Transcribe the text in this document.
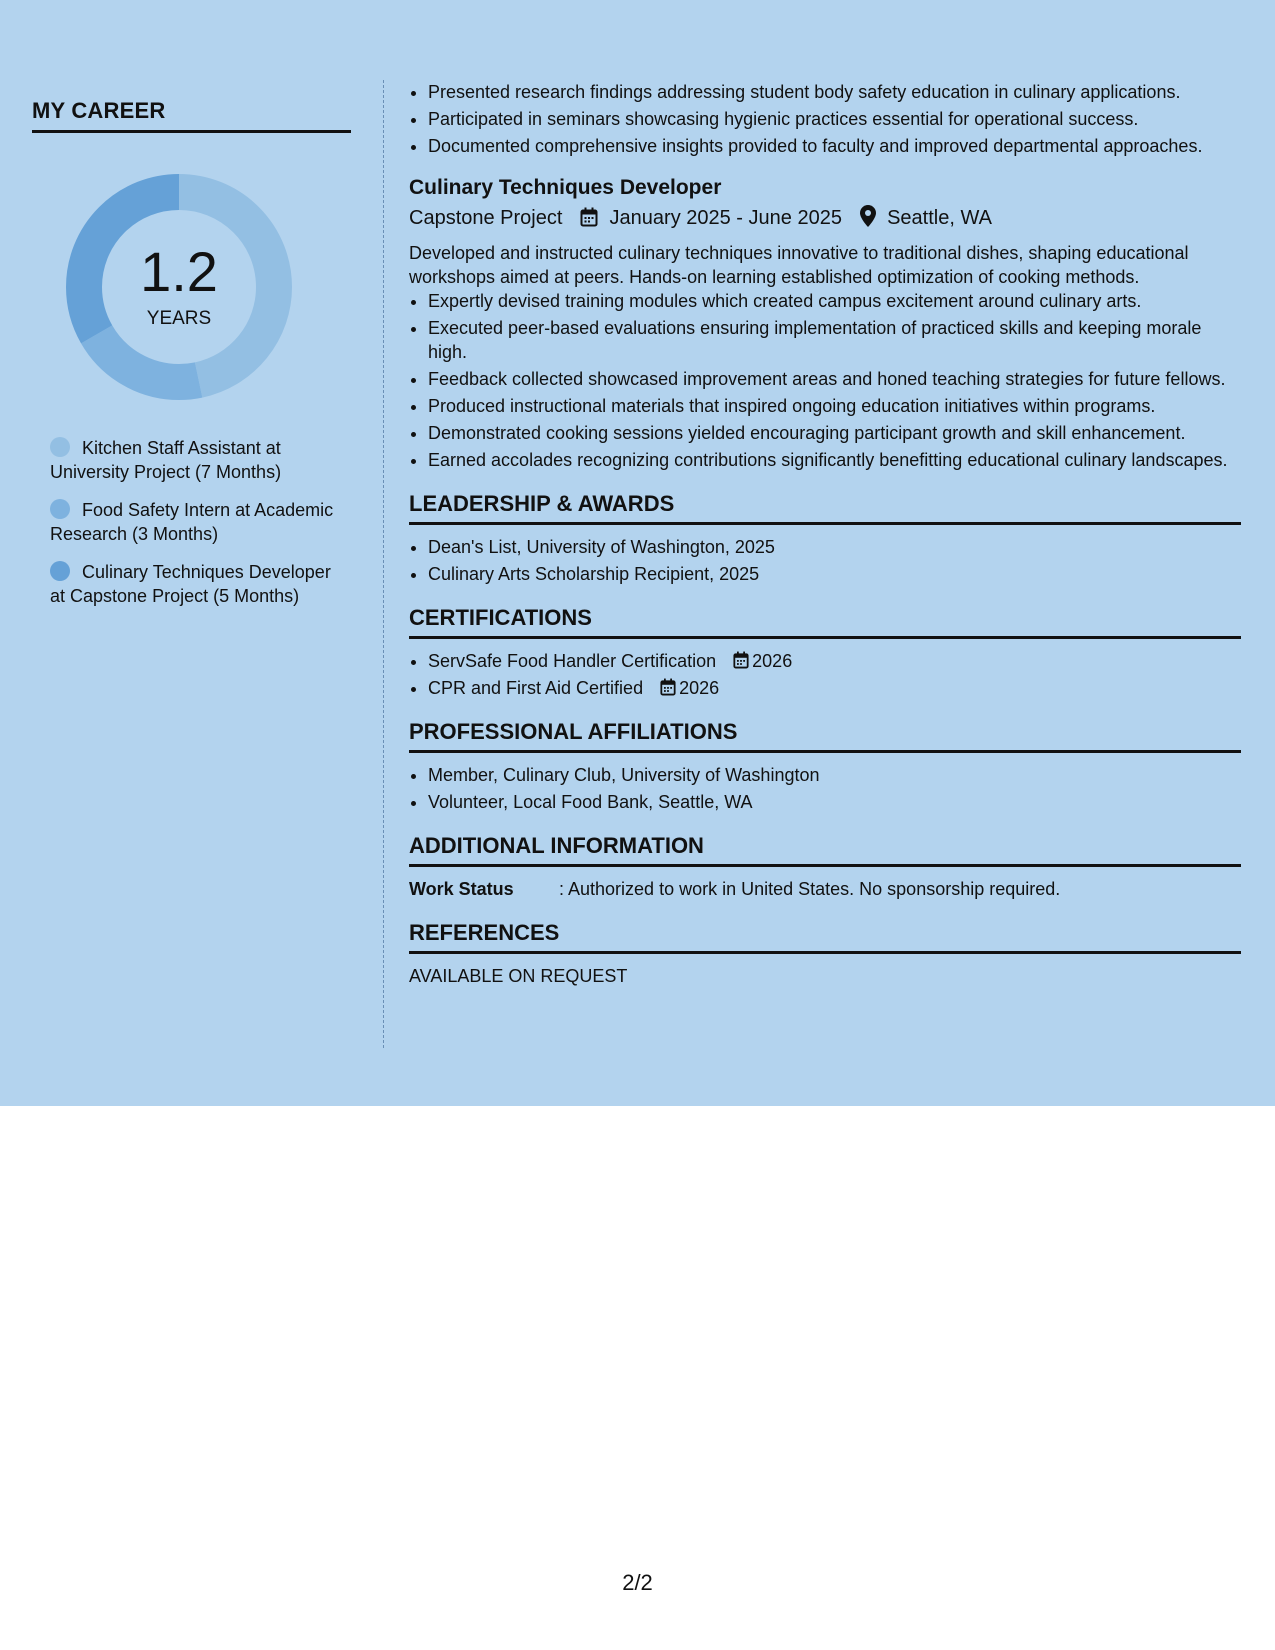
MY CAREER
1.2
YEARS
Kitchen Staff Assistant at University Project (7 Months)
Food Safety Intern at Academic Research (3 Months)
Culinary Techniques Developer at Capstone Project (5 Months)
• Presented research findings addressing student body safety education in culinary applications.
• Participated in seminars showcasing hygienic practices essential for operational success.
• Documented comprehensive insights provided to faculty and improved departmental approaches.
Culinary Techniques Developer
Capstone Project January 2025 - June 2025 Seattle, WA
Developed and instructed culinary techniques innovative to traditional dishes, shaping educational workshops aimed at peers. Hands-on learning established optimization of cooking methods.
• Expertly devised training modules which created campus excitement around culinary arts.
• Executed peer-based evaluations ensuring implementation of practiced skills and keeping morale high.
• Feedback collected showcased improvement areas and honed teaching strategies for future fellows.
• Produced instructional materials that inspired ongoing education initiatives within programs.
• Demonstrated cooking sessions yielded encouraging participant growth and skill enhancement.
• Earned accolades recognizing contributions significantly benefitting educational culinary landscapes.
LEADERSHIP & AWARDS
• Dean's List, University of Washington, 2025
• Culinary Arts Scholarship Recipient, 2025
CERTIFICATIONS
• ServSafe Food Handler Certification 2026
• CPR and First Aid Certified 2026
PROFESSIONAL AFFILIATIONS
• Member, Culinary Club, University of Washington
• Volunteer, Local Food Bank, Seattle, WA
ADDITIONAL INFORMATION
Work Status	: Authorized to work in United States. No sponsorship required.
REFERENCES
AVAILABLE ON REQUEST
2/2
